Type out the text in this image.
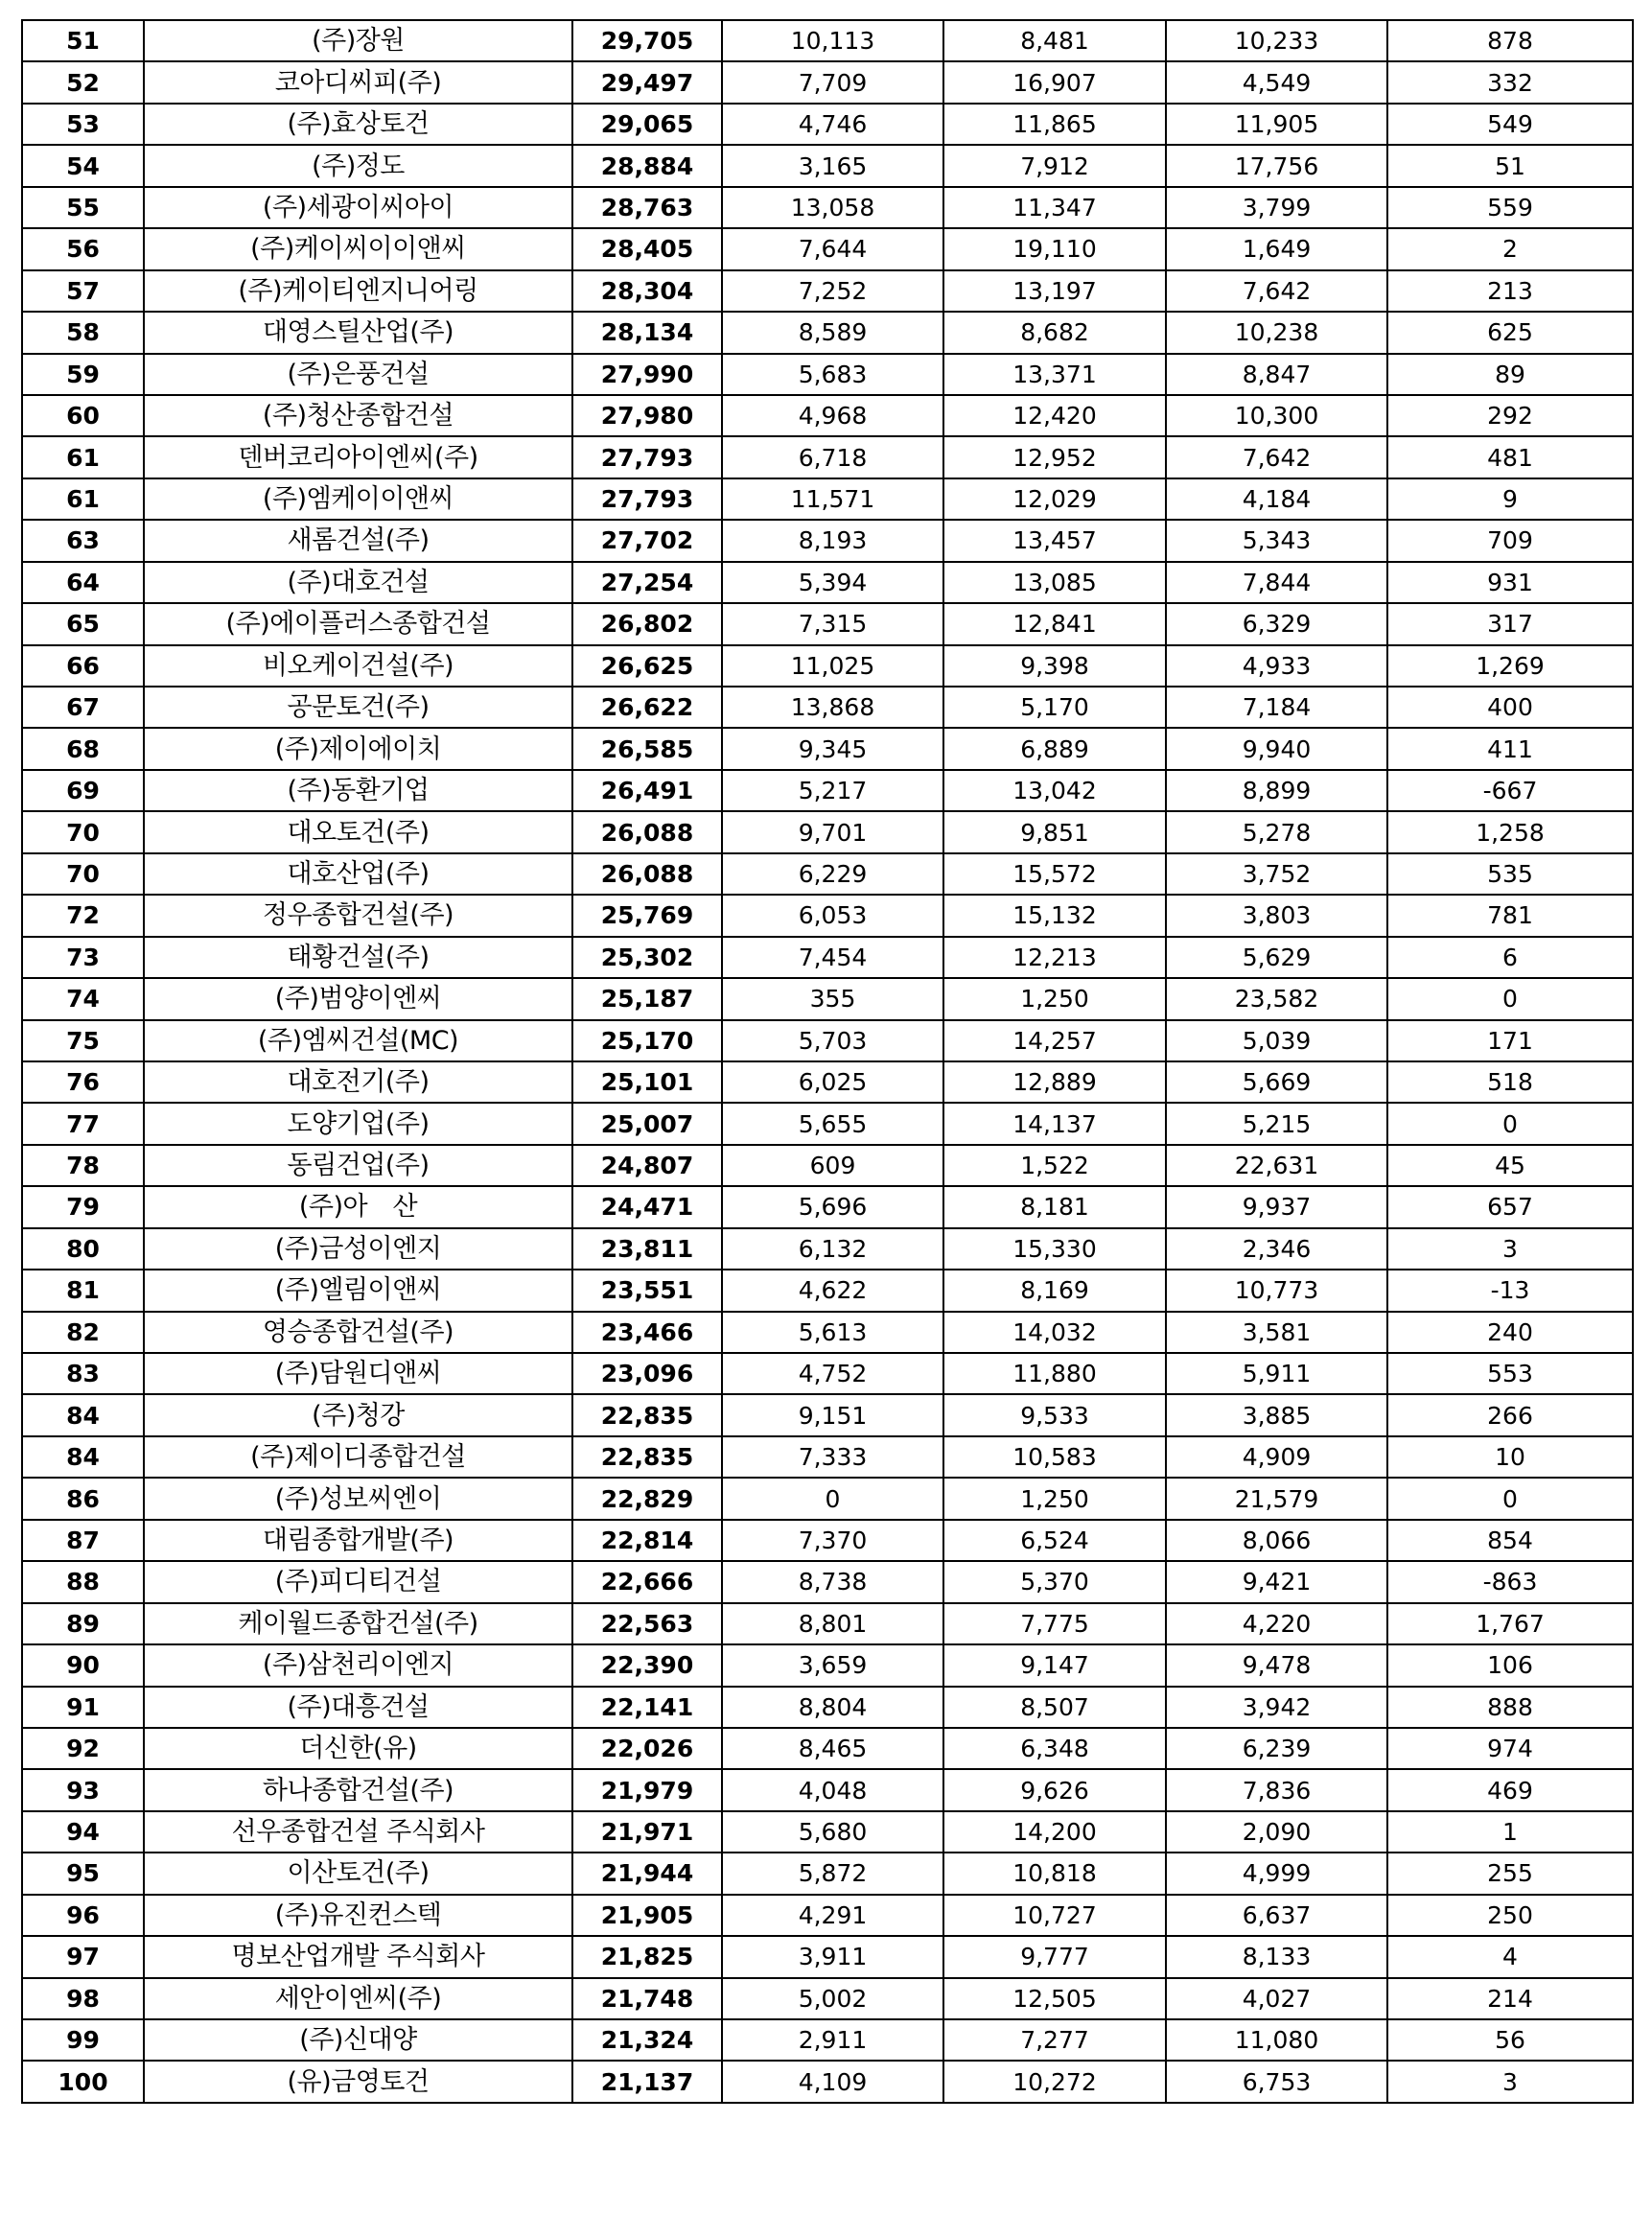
51	(주)장원	29,705	10,113	8,481	10,233	878
52	코아디씨피(주)	29,497	7,709	16,907	4,549	332
53	(주)효상토건	29,065	4,746	11,865	11,905	549
54	(주)정도	28,884	3,165	7,912	17,756	51
55	(주)세광이씨아이	28,763	13,058	11,347	3,799	559
56	(주)케이씨이이앤씨	28,405	7,644	19,110	1,649	2
57	(주)케이티엔지니어링	28,304	7,252	13,197	7,642	213
58	대영스틸산업(주)	28,134	8,589	8,682	10,238	625
59	(주)은풍건설	27,990	5,683	13,371	8,847	89
60	(주)청산종합건설	27,980	4,968	12,420	10,300	292
61	덴버코리아이엔씨(주)	27,793	6,718	12,952	7,642	481
61	(주)엠케이이앤씨	27,793	11,571	12,029	4,184	9
63	새롬건설(주)	27,702	8,193	13,457	5,343	709
64	(주)대호건설	27,254	5,394	13,085	7,844	931
65	(주)에이플러스종합건설	26,802	7,315	12,841	6,329	317
66	비오케이건설(주)	26,625	11,025	9,398	4,933	1,269
67	공문토건(주)	26,622	13,868	5,170	7,184	400
68	(주)제이에이치	26,585	9,345	6,889	9,940	411
69	(주)동환기업	26,491	5,217	13,042	8,899	-667
70	대오토건(주)	26,088	9,701	9,851	5,278	1,258
70	대호산업(주)	26,088	6,229	15,572	3,752	535
72	정우종합건설(주)	25,769	6,053	15,132	3,803	781
73	태황건설(주)	25,302	7,454	12,213	5,629	6
74	(주)범양이엔씨	25,187	355	1,250	23,582	0
75	(주)엠씨건설(MC)	25,170	5,703	14,257	5,039	171
76	대호전기(주)	25,101	6,025	12,889	5,669	518
77	도양기업(주)	25,007	5,655	14,137	5,215	0
78	동림건업(주)	24,807	609	1,522	22,631	45
79	(주)아　산	24,471	5,696	8,181	9,937	657
80	(주)금성이엔지	23,811	6,132	15,330	2,346	3
81	(주)엘림이앤씨	23,551	4,622	8,169	10,773	-13
82	영승종합건설(주)	23,466	5,613	14,032	3,581	240
83	(주)담원디앤씨	23,096	4,752	11,880	5,911	553
84	(주)청강	22,835	9,151	9,533	3,885	266
84	(주)제이디종합건설	22,835	7,333	10,583	4,909	10
86	(주)성보씨엔이	22,829	0	1,250	21,579	0
87	대림종합개발(주)	22,814	7,370	6,524	8,066	854
88	(주)피디티건설	22,666	8,738	5,370	9,421	-863
89	케이월드종합건설(주)	22,563	8,801	7,775	4,220	1,767
90	(주)삼천리이엔지	22,390	3,659	9,147	9,478	106
91	(주)대흥건설	22,141	8,804	8,507	3,942	888
92	더신한(유)	22,026	8,465	6,348	6,239	974
93	하나종합건설(주)	21,979	4,048	9,626	7,836	469
94	선우종합건설 주식회사	21,971	5,680	14,200	2,090	1
95	이산토건(주)	21,944	5,872	10,818	4,999	255
96	(주)유진컨스텍	21,905	4,291	10,727	6,637	250
97	명보산업개발 주식회사	21,825	3,911	9,777	8,133	4
98	세안이엔씨(주)	21,748	5,002	12,505	4,027	214
99	(주)신대양	21,324	2,911	7,277	11,080	56
100	(유)금영토건	21,137	4,109	10,272	6,753	3
